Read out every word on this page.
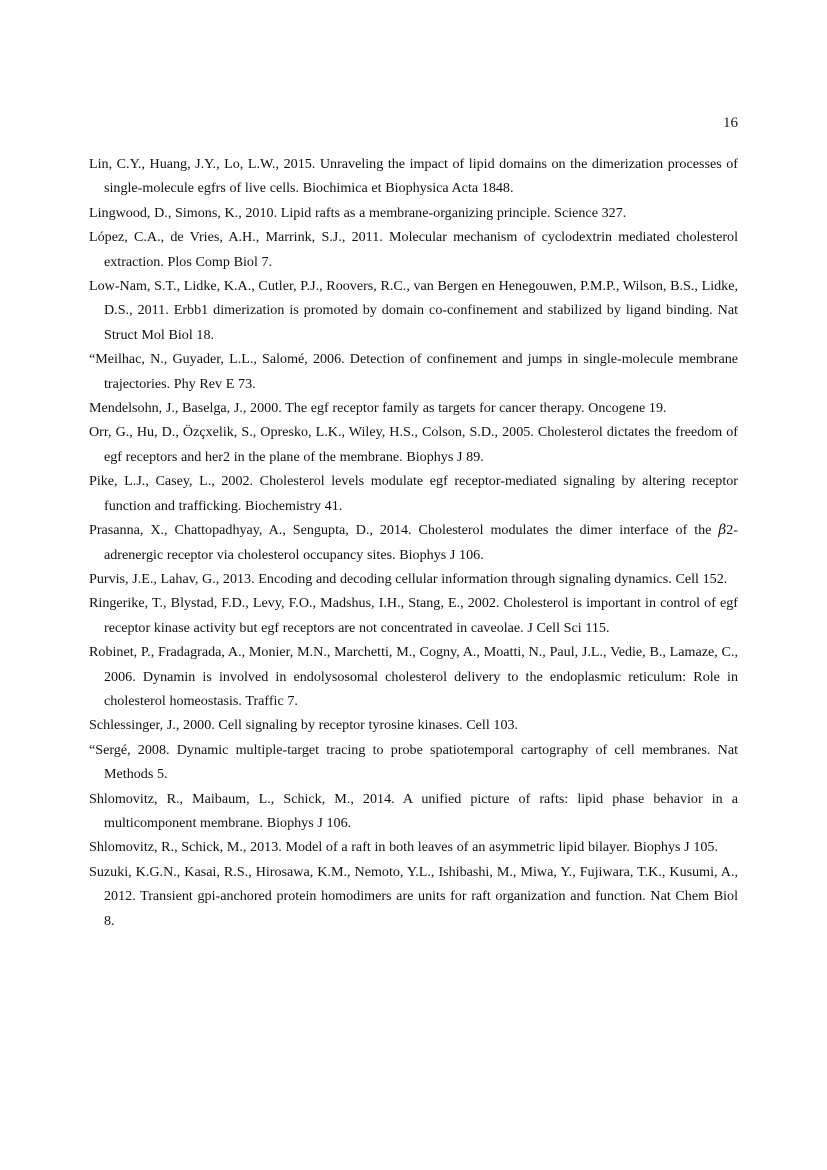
16

Lin, C.Y., Huang, J.Y., Lo, L.W., 2015. Unraveling the impact of lipid domains on the dimerization processes of single-molecule egfrs of live cells. Biochimica et Biophysica Acta 1848.

Lingwood, D., Simons, K., 2010. Lipid rafts as a membrane-organizing principle. Science 327.

López, C.A., de Vries, A.H., Marrink, S.J., 2011. Molecular mechanism of cyclodextrin mediated cholesterol extraction. Plos Comp Biol 7.

Low-Nam, S.T., Lidke, K.A., Cutler, P.J., Roovers, R.C., van Bergen en Henegouwen, P.M.P., Wilson, B.S., Lidke, D.S., 2011. Erbb1 dimerization is promoted by domain co-confinement and stabilized by ligand binding. Nat Struct Mol Biol 18.

“Meilhac, N., Guyader, L.L., Salomé, 2006. Detection of confinement and jumps in single-molecule membrane trajectories. Phy Rev E 73.

Mendelsohn, J., Baselga, J., 2000. The egf receptor family as targets for cancer therapy. Oncogene 19.

Orr, G., Hu, D., Özçxelik, S., Opresko, L.K., Wiley, H.S., Colson, S.D., 2005. Cholesterol dictates the freedom of egf receptors and her2 in the plane of the membrane. Biophys J 89.

Pike, L.J., Casey, L., 2002. Cholesterol levels modulate egf receptor-mediated signaling by altering receptor function and trafficking. Biochemistry 41.

Prasanna, X., Chattopadhyay, A., Sengupta, D., 2014. Cholesterol modulates the dimer interface of the β2-adrenergic receptor via cholesterol occupancy sites. Biophys J 106.

Purvis, J.E., Lahav, G., 2013. Encoding and decoding cellular information through signaling dynamics. Cell 152.

Ringerike, T., Blystad, F.D., Levy, F.O., Madshus, I.H., Stang, E., 2002. Cholesterol is important in control of egf receptor kinase activity but egf receptors are not concentrated in caveolae. J Cell Sci 115.

Robinet, P., Fradagrada, A., Monier, M.N., Marchetti, M., Cogny, A., Moatti, N., Paul, J.L., Vedie, B., Lamaze, C., 2006. Dynamin is involved in endolysosomal cholesterol delivery to the endoplasmic reticulum: Role in cholesterol homeostasis. Traffic 7.

Schlessinger, J., 2000. Cell signaling by receptor tyrosine kinases. Cell 103.

“Sergé, 2008. Dynamic multiple-target tracing to probe spatiotemporal cartography of cell membranes. Nat Methods 5.

Shlomovitz, R., Maibaum, L., Schick, M., 2014. A unified picture of rafts: lipid phase behavior in a multicomponent membrane. Biophys J 106.

Shlomovitz, R., Schick, M., 2013. Model of a raft in both leaves of an asymmetric lipid bilayer. Biophys J 105.

Suzuki, K.G.N., Kasai, R.S., Hirosawa, K.M., Nemoto, Y.L., Ishibashi, M., Miwa, Y., Fujiwara, T.K., Kusumi, A., 2012. Transient gpi-anchored protein homodimers are units for raft organization and function. Nat Chem Biol 8.
